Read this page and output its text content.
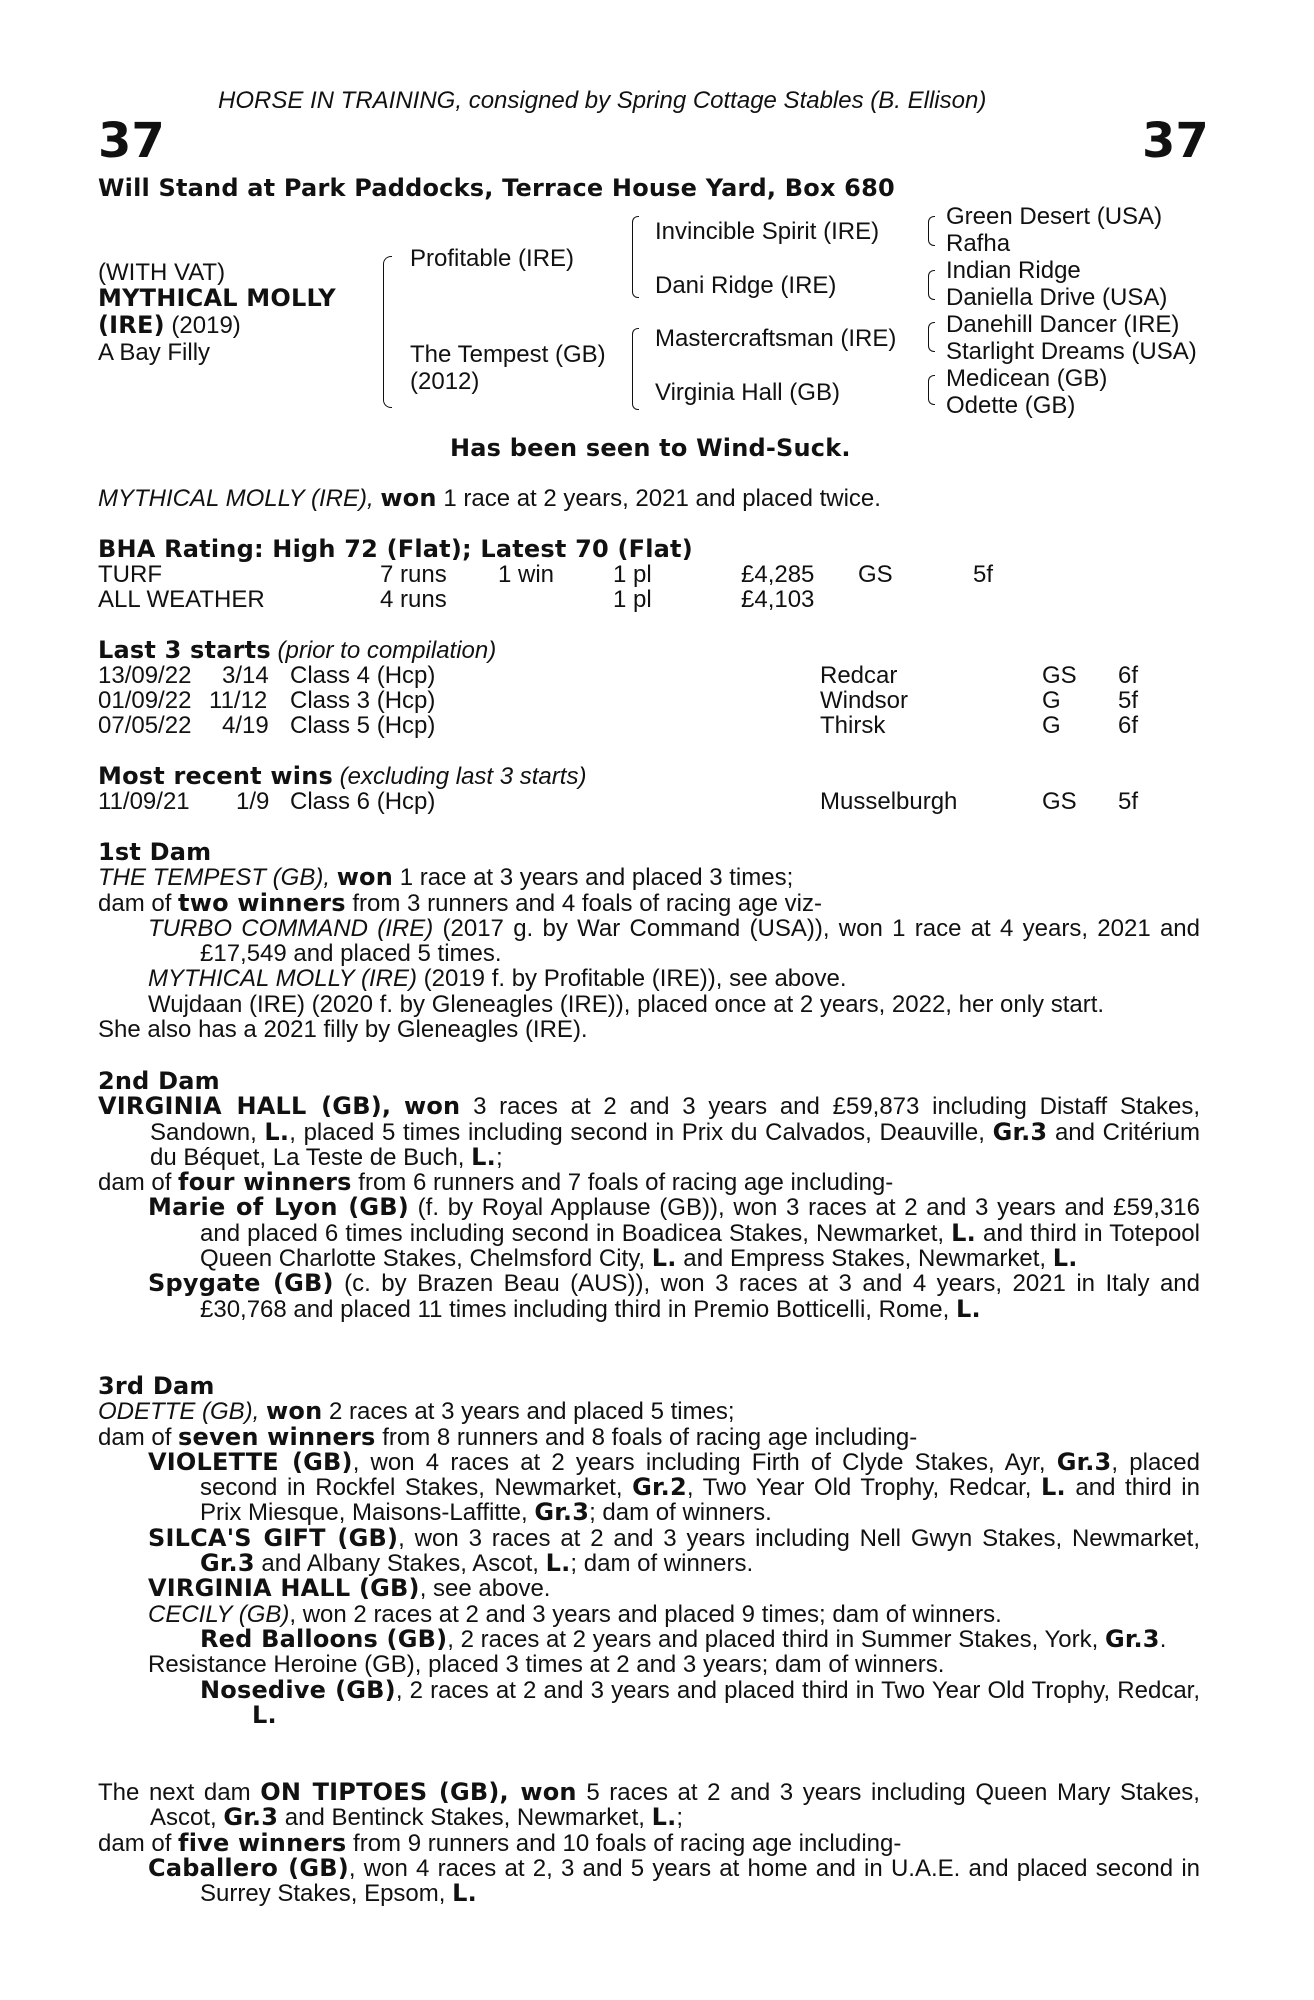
HORSE IN TRAINING, consigned by Spring Cottage Stables (B. Ellison)
37	37
Will Stand at Park Paddocks, Terrace House Yard, Box 680
(WITH VAT)
MYTHICAL MOLLY
(IRE) (2019)
A Bay Filly
Profitable (IRE)
The Tempest (GB)
(2012)
Invincible Spirit (IRE)
Dani Ridge (IRE)
Mastercraftsman (IRE)
Virginia Hall (GB)
Green Desert (USA)
Rafha
Indian Ridge
Daniella Drive (USA)
Danehill Dancer (IRE)
Starlight Dreams (USA)
Medicean (GB)
Odette (GB)
Has been seen to Wind-Suck.
MYTHICAL MOLLY (IRE), won 1 race at 2 years, 2021 and placed twice.
BHA Rating: High 72 (Flat); Latest 70 (Flat)
TURF	7 runs 1 win 1 pl	£4,285 GS	5f
ALL WEATHER	4 runs	1 pl	£4,103
Last 3 starts (prior to compilation)
13/09/22 3/14 Class 4 (Hcp)	Redcar	GS 6f
01/09/22 11/12 Class 3 (Hcp)	Windsor	G 5f
07/05/22 4/19 Class 5 (Hcp)	Thirsk	G 6f
Most recent wins (excluding last 3 starts)
11/09/21 1/9 Class 6 (Hcp)	Musselburgh	GS 5f

1st Dam

THE TEMPEST (GB), won 1 race at 3 years and placed 3 times;

dam of two winners from 3 runners and 4 foals of racing age viz-

TURBO COMMAND (IRE) (2017 g. by War Command (USA)), won 1 race at 4 years, 2021 and £17,549 and placed 5 times.

MYTHICAL MOLLY (IRE) (2019 f. by Profitable (IRE)), see above.

Wujdaan (IRE) (2020 f. by Gleneagles (IRE)), placed once at 2 years, 2022, her only start.

She also has a 2021 filly by Gleneagles (IRE).

2nd Dam

VIRGINIA HALL (GB), won 3 races at 2 and 3 years and £59,873 including Distaff Stakes, Sandown, L., placed 5 times including second in Prix du Calvados, Deauville, Gr.3 and Critérium du Béquet, La Teste de Buch, L.;

dam of four winners from 6 runners and 7 foals of racing age including-

Marie of Lyon (GB) (f. by Royal Applause (GB)), won 3 races at 2 and 3 years and £59,316 and placed 6 times including second in Boadicea Stakes, Newmarket, L. and third in Totepool Queen Charlotte Stakes, Chelmsford City, L. and Empress Stakes, Newmarket, L.

Spygate (GB) (c. by Brazen Beau (AUS)), won 3 races at 3 and 4 years, 2021 in Italy and £30,768 and placed 11 times including third in Premio Botticelli, Rome, L.

3rd Dam

ODETTE (GB), won 2 races at 3 years and placed 5 times;

dam of seven winners from 8 runners and 8 foals of racing age including-

VIOLETTE (GB), won 4 races at 2 years including Firth of Clyde Stakes, Ayr, Gr.3, placed second in Rockfel Stakes, Newmarket, Gr.2, Two Year Old Trophy, Redcar, L. and third in Prix Miesque, Maisons-Laffitte, Gr.3; dam of winners.

SILCA'S GIFT (GB), won 3 races at 2 and 3 years including Nell Gwyn Stakes, Newmarket, Gr.3 and Albany Stakes, Ascot, L.; dam of winners.

VIRGINIA HALL (GB), see above.

CECILY (GB), won 2 races at 2 and 3 years and placed 9 times; dam of winners.

Red Balloons (GB), 2 races at 2 years and placed third in Summer Stakes, York, Gr.3.

Resistance Heroine (GB), placed 3 times at 2 and 3 years; dam of winners.

Nosedive (GB), 2 races at 2 and 3 years and placed third in Two Year Old Trophy, Redcar, L.

The next dam ON TIPTOES (GB), won 5 races at 2 and 3 years including Queen Mary Stakes, Ascot, Gr.3 and Bentinck Stakes, Newmarket, L.;

dam of five winners from 9 runners and 10 foals of racing age including-

Caballero (GB), won 4 races at 2, 3 and 5 years at home and in U.A.E. and placed second in Surrey Stakes, Epsom, L.
